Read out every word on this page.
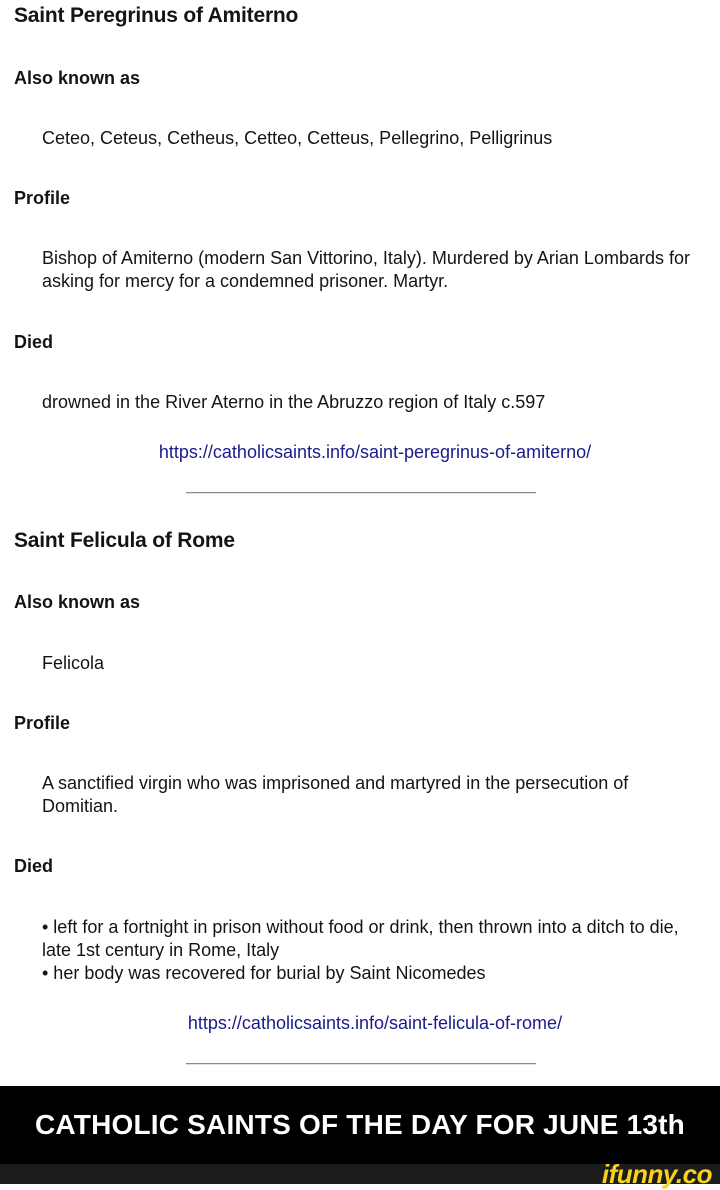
Saint Peregrinus of Amiterno
Also known as

Ceteo, Ceteus, Cetheus, Cetteo, Cetteus, Pellegrino, Pelligrinus

Profile

Bishop of Amiterno (modern San Vittorino, Italy). Murdered by Arian Lombards for asking for mercy for a condemned prisoner. Martyr.

Died

drowned in the River Aterno in the Abruzzo region of Italy c.597

https://catholicsaints.info/saint-peregrinus-of-amiterno/
Saint Felicula of Rome
Also known as

Felicola

Profile

A sanctified virgin who was imprisoned and martyred in the persecution of Domitian.

Died
• left for a fortnight in prison without food or drink, then thrown into a ditch to die, late 1st century in Rome, Italy
• her body was recovered for burial by Saint Nicomedes
https://catholicsaints.info/saint-felicula-of-rome/
CATHOLIC SAINTS OF THE DAY FOR JUNE 13th
ifunny.co
